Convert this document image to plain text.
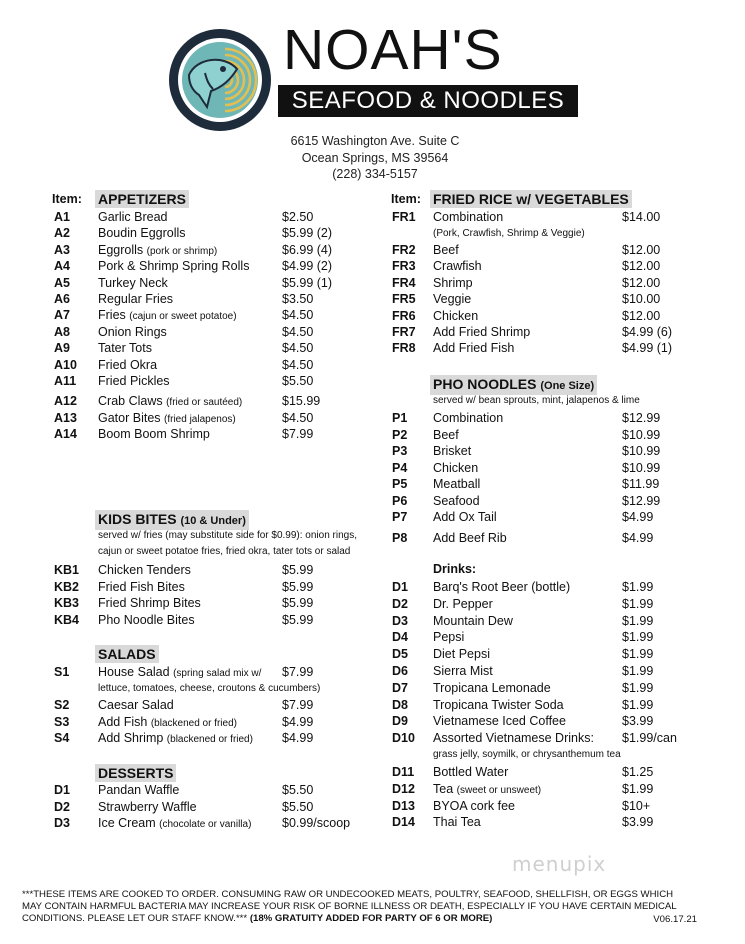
NOAH'S
SEAFOOD & NOODLES
6615 Washington Ave. Suite C
Ocean Springs, MS 39564
(228) 334-5157
Item: APPETIZERS
A1 Garlic Bread	$2.50
A2 Boudin Eggrolls	$5.99 (2)
A3 Eggrolls (pork or shrimp)	$6.99 (4)
A4 Pork & Shrimp Spring Rolls	$4.99 (2)
A5 Turkey Neck	$5.99 (1)
A6 Regular Fries	$3.50
A7 Fries (cajun or sweet potatoe)	$4.50
A8 Onion Rings	$4.50
A9 Tater Tots	$4.50
A10 Fried Okra	$4.50
A11 Fried Pickles	$5.50
A12 Crab Claws (fried or sautéed)	$15.99
A13 Gator Bites (fried jalapenos)	$4.50
A14 Boom Boom Shrimp	$7.99
KIDS BITES (10 & Under)
served w/ fries (may substitute side for $0.99): onion rings,
cajun or sweet potatoe fries, fried okra, tater tots or salad
KB1 Chicken Tenders	$5.99
KB2 Fried Fish Bites	$5.99
KB3 Fried Shrimp Bites	$5.99
KB4 Pho Noodle Bites	$5.99
SALADS
S1 House Salad (spring salad mix w/ $7.99
lettuce, tomatoes, cheese, croutons & cucumbers)
S2 Caesar Salad	$7.99
S3 Add Fish (blackened or fried)	$4.99
S4 Add Shrimp (blackened or fried) $4.99
DESSERTS
D1 Pandan Waffle	$5.50
D2 Strawberry Waffle	$5.50
D3 Ice Cream (chocolate or vanilla) $0.99/scoop
Item: FRIED RICE w/ VEGETABLES
FR1 Combination	$14.00
(Pork, Crawfish, Shrimp & Veggie)
FR2 Beef	$12.00
FR3 Crawfish	$12.00
FR4 Shrimp	$12.00
FR5 Veggie	$10.00
FR6 Chicken	$12.00
FR7 Add Fried Shrimp	$4.99 (6)
FR8 Add Fried Fish	$4.99 (1)
PHO NOODLES (One Size)
served w/ bean sprouts, mint, jalapenos & lime
P1 Combination	$12.99
P2 Beef	$10.99
P3 Brisket	$10.99
P4 Chicken	$10.99
P5 Meatball	$11.99
P6 Seafood	$12.99
P7 Add Ox Tail	$4.99
P8 Add Beef Rib	$4.99
Drinks:
D1 Barq's Root Beer (bottle)	$1.99
D2 Dr. Pepper	$1.99
D3 Mountain Dew	$1.99
D4 Pepsi	$1.99
D5 Diet Pepsi	$1.99
D6 Sierra Mist	$1.99
D7 Tropicana Lemonade	$1.99
D8 Tropicana Twister Soda	$1.99
D9 Vietnamese Iced Coffee	$3.99
D10 Assorted Vietnamese Drinks: $1.99/can
grass jelly, soymilk, or chrysanthemum tea
D11 Bottled Water	$1.25
D12 Tea (sweet or unsweet)	$1.99
D13 BYOA cork fee	$10+
D14 Thai Tea	$3.99
menupix
***THESE ITEMS ARE COOKED TO ORDER. CONSUMING RAW OR UNDECOOKED MEATS, POULTRY, SEAFOOD, SHELLFISH, OR EGGS WHICH
MAY CONTAIN HARMFUL BACTERIA MAY INCREASE YOUR RISK OF BORNE ILLNESS OR DEATH, ESPECIALLY IF YOU HAVE CERTAIN MEDICAL
CONDITIONS. PLEASE LET OUR STAFF KNOW.*** (18% GRATUITY ADDED FOR PARTY OF 6 OR MORE)	V06.17.21
